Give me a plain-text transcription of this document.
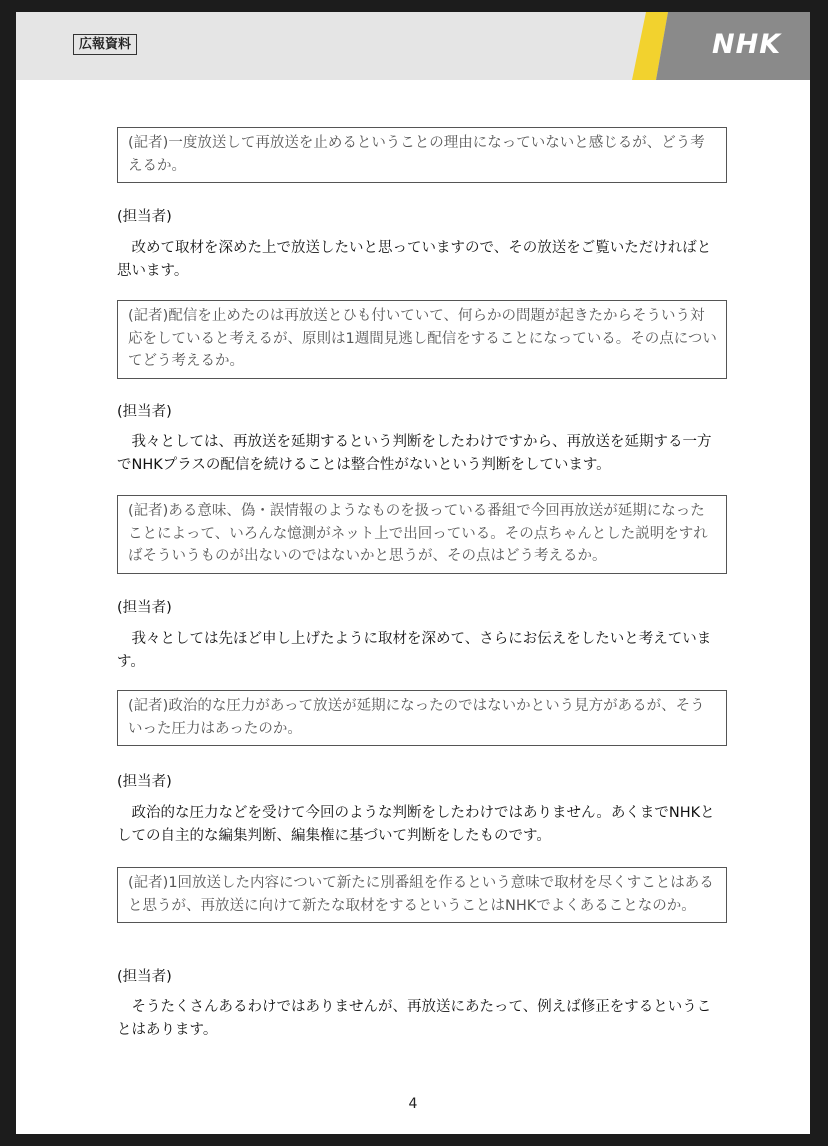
広報資料	NHK
(記者)一度放送して再放送を止めるということの理由になっていないと感じるが、どう考えるか。
(担当者)
　改めて取材を深めた上で放送したいと思っていますので、その放送をご覧いただければと思います。
(記者)配信を止めたのは再放送とひも付いていて、何らかの問題が起きたからそういう対応をしていると考えるが、原則は1週間見逃し配信をすることになっている。その点についてどう考えるか。
(担当者)
　我々としては、再放送を延期するという判断をしたわけですから、再放送を延期する一方でNHKプラスの配信を続けることは整合性がないという判断をしています。
(記者)ある意味、偽・誤情報のようなものを扱っている番組で今回再放送が延期になったことによって、いろんな憶測がネット上で出回っている。その点ちゃんとした説明をすればそういうものが出ないのではないかと思うが、その点はどう考えるか。
(担当者)
　我々としては先ほど申し上げたように取材を深めて、さらにお伝えをしたいと考えています。
(記者)政治的な圧力があって放送が延期になったのではないかという見方があるが、そういった圧力はあったのか。
(担当者)
　政治的な圧力などを受けて今回のような判断をしたわけではありません。あくまでNHKとしての自主的な編集判断、編集権に基づいて判断をしたものです。
(記者)1回放送した内容について新たに別番組を作るという意味で取材を尽くすことはあると思うが、再放送に向けて新たな取材をするということはNHKでよくあることなのか。
(担当者)
　そうたくさんあるわけではありませんが、再放送にあたって、例えば修正をするということはあります。
4
